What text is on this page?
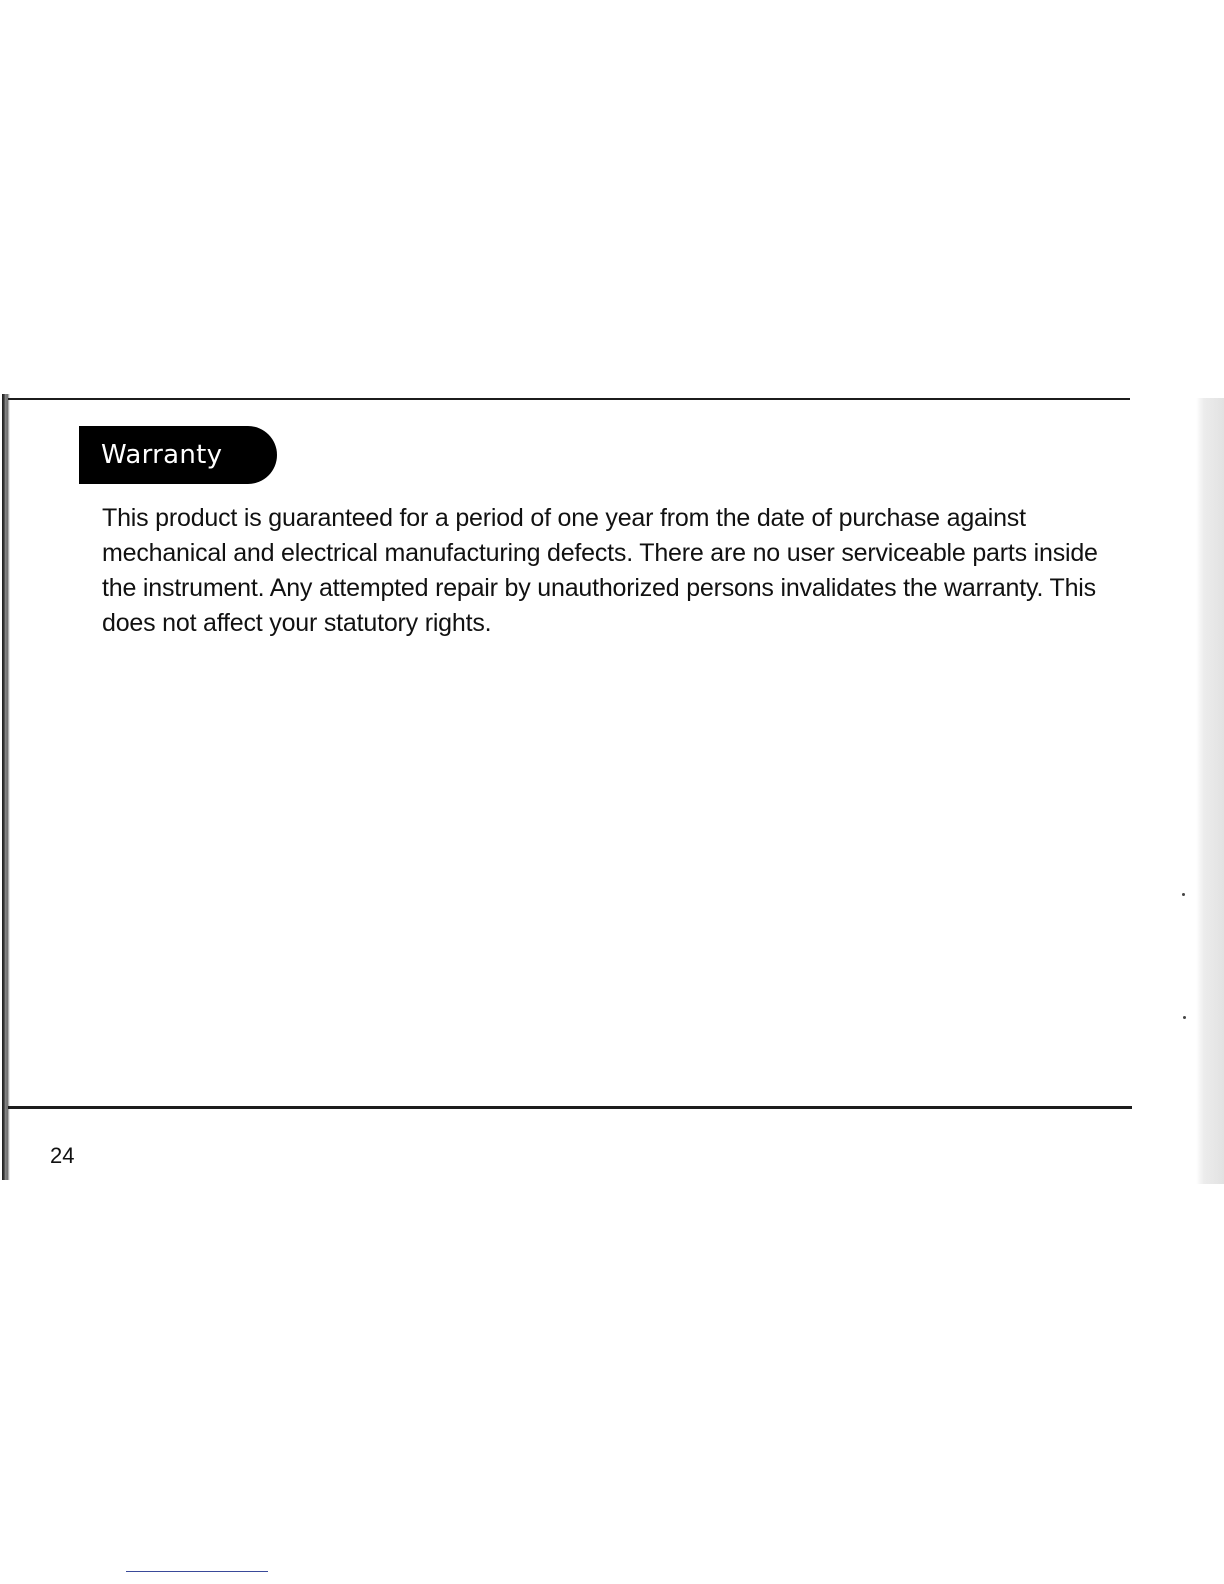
Warranty

This product is guaranteed for a period of one year from the date of purchase against mechanical and electrical manufacturing defects. There are no user serviceable parts inside the instrument. Any attempted repair by unauthorized persons invalidates the warranty. This does not affect your statutory rights.

24
